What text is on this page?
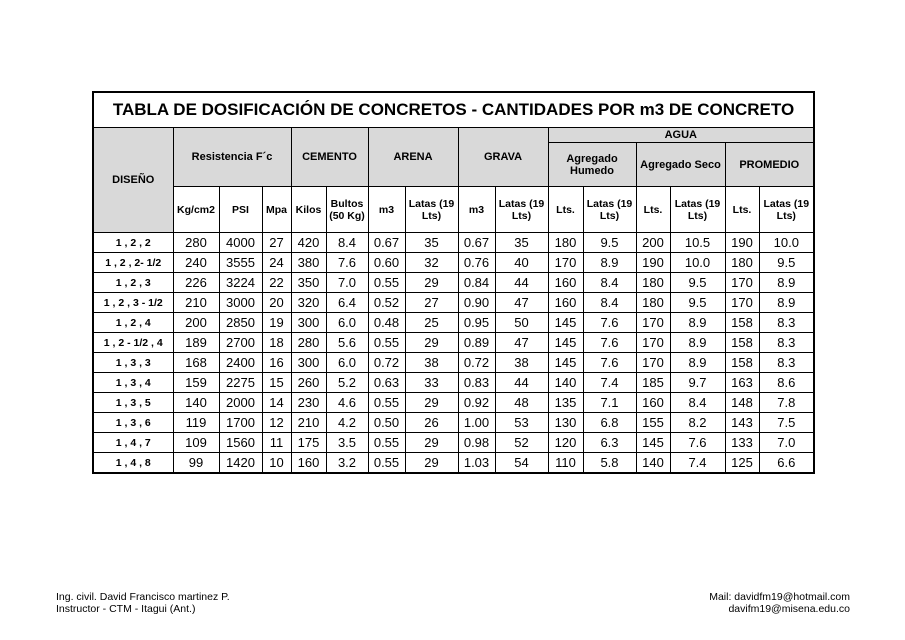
TABLA DE DOSIFICACIÓN DE CONCRETOS - CANTIDADES POR m3 DE CONCRETO															
DISEÑO	Resistencia F´c			CEMENTO		ARENA		GRAVA		AGUA					
										Agregado Humedo		Agregado Seco		PROMEDIO	
	Kg/cm2	PSI	Mpa	Kilos	Bultos (50 Kg)	m3	Latas (19 Lts)	m3	Latas (19 Lts)	Lts.	Latas (19 Lts)	Lts.	Latas (19 Lts)	Lts.	Latas (19 Lts)
1 , 2 , 2	280	4000	27	420	8.4	0.67	35	0.67	35	180	9.5	200	10.5	190	10.0
1 , 2 , 2- 1/2	240	3555	24	380	7.6	0.60	32	0.76	40	170	8.9	190	10.0	180	9.5
1 , 2 , 3	226	3224	22	350	7.0	0.55	29	0.84	44	160	8.4	180	9.5	170	8.9
1 , 2 , 3 - 1/2	210	3000	20	320	6.4	0.52	27	0.90	47	160	8.4	180	9.5	170	8.9
1 , 2 , 4	200	2850	19	300	6.0	0.48	25	0.95	50	145	7.6	170	8.9	158	8.3
1 , 2 - 1/2 , 4	189	2700	18	280	5.6	0.55	29	0.89	47	145	7.6	170	8.9	158	8.3
1 , 3 , 3	168	2400	16	300	6.0	0.72	38	0.72	38	145	7.6	170	8.9	158	8.3
1 , 3 , 4	159	2275	15	260	5.2	0.63	33	0.83	44	140	7.4	185	9.7	163	8.6
1 , 3 , 5	140	2000	14	230	4.6	0.55	29	0.92	48	135	7.1	160	8.4	148	7.8
1 , 3 , 6	119	1700	12	210	4.2	0.50	26	1.00	53	130	6.8	155	8.2	143	7.5
1 , 4 , 7	109	1560	11	175	3.5	0.55	29	0.98	52	120	6.3	145	7.6	133	7.0
1 , 4 , 8	99	1420	10	160	3.2	0.55	29	1.03	54	110	5.8	140	7.4	125	6.6
Ing. civil. David Francisco martinez P.
Instructor - CTM - Itagui (Ant.)
Mail: davidfm19@hotmail.com
davifm19@misena.edu.co
